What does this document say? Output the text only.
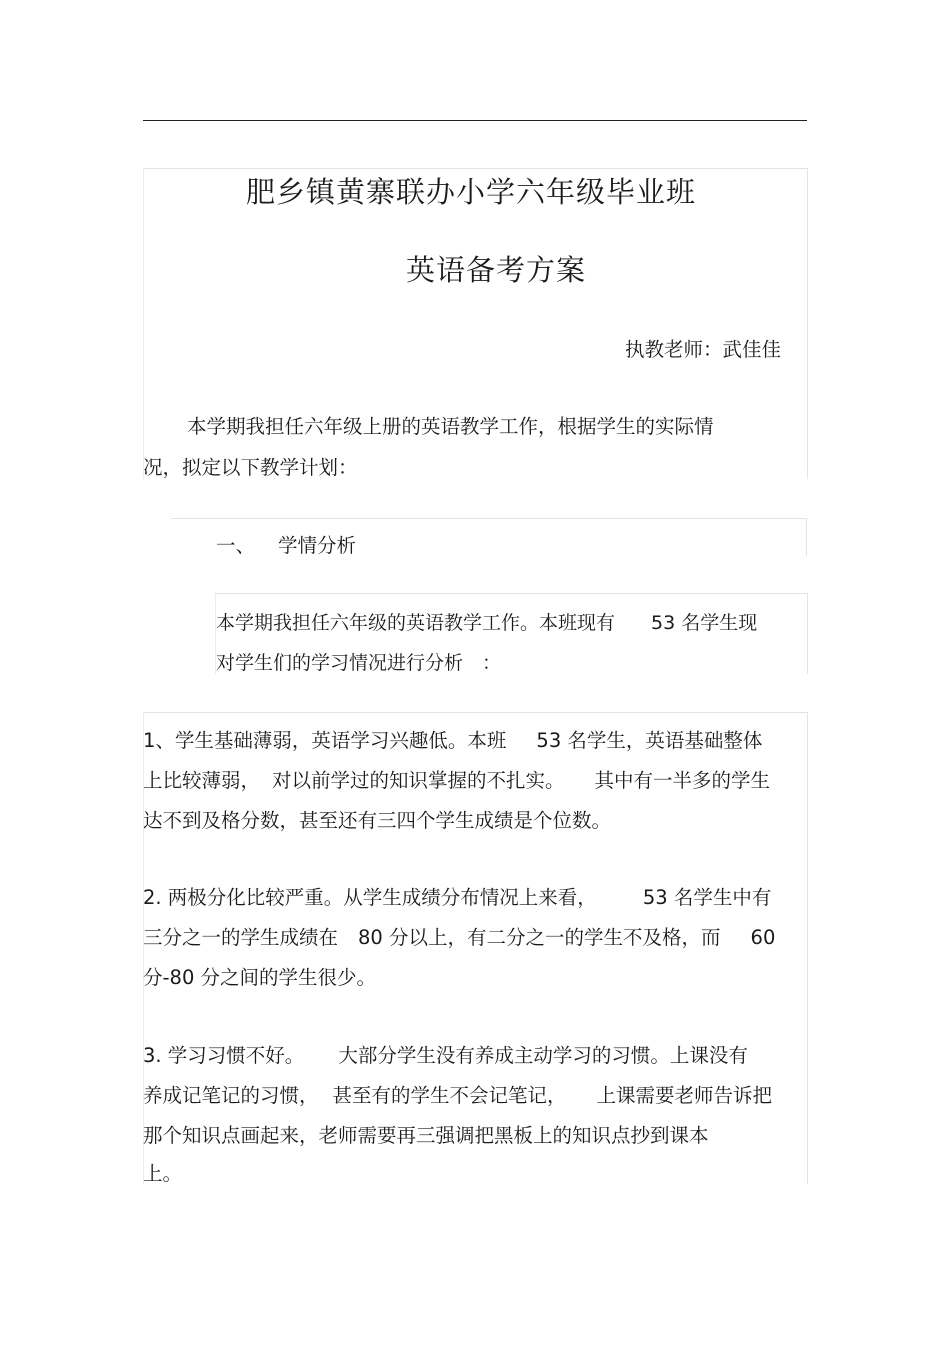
肥乡镇黄寨联办小学六年级毕业班
英语备考方案
执教老师：武佳佳
本学期我担任六年级上册的英语教学工作，根据学生的实际情
况，拟定以下教学计划：
一、 学情分析
本学期我担任六年级的英语教学工作。本班现有 53 名学生现
对学生们的学习情况进行分析　：
1、学生基础薄弱，英语学习兴趣低。本班 53 名学生，英语基础整体
上比较薄弱， 对以前学过的知识掌握的不扎实。 其中有一半多的学生
达不到及格分数，甚至还有三四个学生成绩是个位数。
2. 两极分化比较严重。从学生成绩分布情况上来看， 53 名学生中有
三分之一的学生成绩在 80 分以上，有二分之一的学生不及格，而 60
分-80 分之间的学生很少。
3. 学习习惯不好。 大部分学生没有养成主动学习的习惯。上课没有
养成记笔记的习惯， 甚至有的学生不会记笔记， 上课需要老师告诉把
那个知识点画起来，老师需要再三强调把黑板上的知识点抄到课本
上。
